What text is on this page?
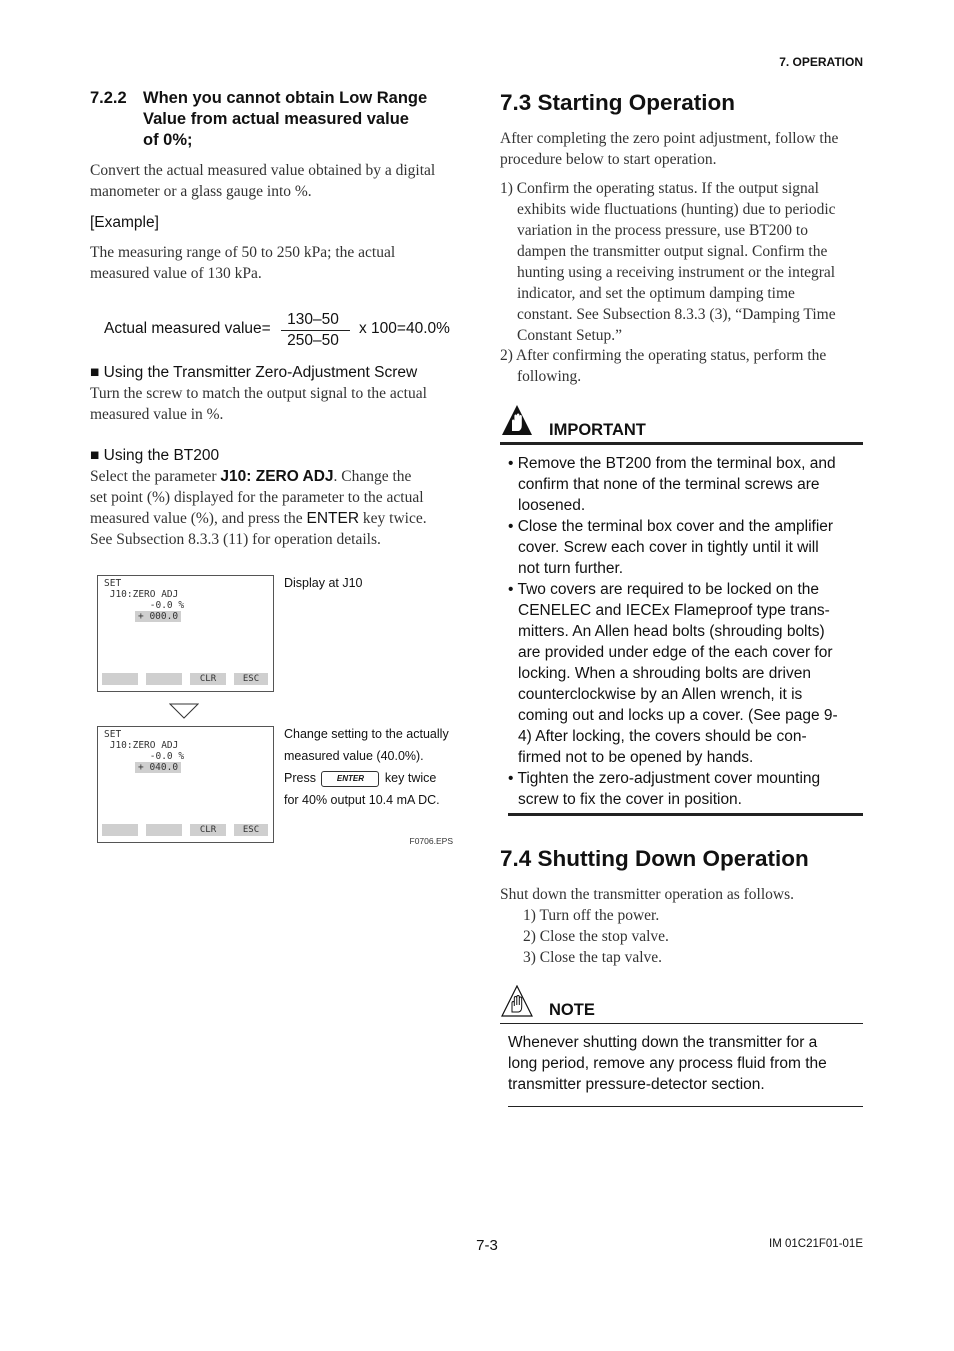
7. OPERATION
7.2.2 When you cannot obtain Low Range
Value from actual measured value
of 0%;
Convert the actual measured value obtained by a digital
manometer or a glass gauge into %.
[Example]
The measuring range of 50 to 250 kPa; the actual
measured value of 130 kPa.
Actual measured value=
130–50
250–50
x 100=40.0%
■ Using the Transmitter Zero-Adjustment Screw
Turn the screw to match the output signal to the actual
measured value in %.
■ Using the BT200
Select the parameter J10: ZERO ADJ. Change the
set point (%) displayed for the parameter to the actual
measured value (%), and press the ENTER key twice.
See Subsection 8.3.3 (11) for operation details.
SET
J10:ZERO ADJ
-0.0 %
+ 000.0
CLR	ESC
Display at J10
SET
J10:ZERO ADJ
-0.0 %
+ 040.0
CLR	ESC
Change setting to the actually
measured value (40.0%).
Press	ENTER key twice
for 40% output 10.4 mA DC.
F0706.EPS
7.3 Starting Operation
After completing the zero point adjustment, follow the
procedure below to start operation.
1) Confirm the operating status. If the output signal
exhibits wide fluctuations (hunting) due to periodic
variation in the process pressure, use BT200 to
dampen the transmitter output signal. Confirm the
hunting using a receiving instrument or the integral
indicator, and set the optimum damping time
constant. See Subsection 8.3.3 (3), “Damping Time
Constant Setup.”
2) After confirming the operating status, perform the
following.
IMPORTANT
• Remove the BT200 from the terminal box, and
confirm that none of the terminal screws are
loosened.
• Close the terminal box cover and the amplifier
cover. Screw each cover in tightly until it will
not turn further.
• Two covers are required to be locked on the
CENELEC and IECEx Flameproof type trans-
mitters. An Allen head bolts (shrouding bolts)
are provided under edge of the each cover for
locking. When a shrouding bolts are driven
counterclockwise by an Allen wrench, it is
coming out and locks up a cover. (See page 9-
4) After locking, the covers should be con-
firmed not to be opened by hands.
• Tighten the zero-adjustment cover mounting
screw to fix the cover in position.
7.4 Shutting Down Operation
Shut down the transmitter operation as follows.
1) Turn off the power.
2) Close the stop valve.
3) Close the tap valve.
NOTE
Whenever shutting down the transmitter for a
long period, remove any process fluid from the
transmitter pressure-detector section.
7-3	IM 01C21F01-01E
